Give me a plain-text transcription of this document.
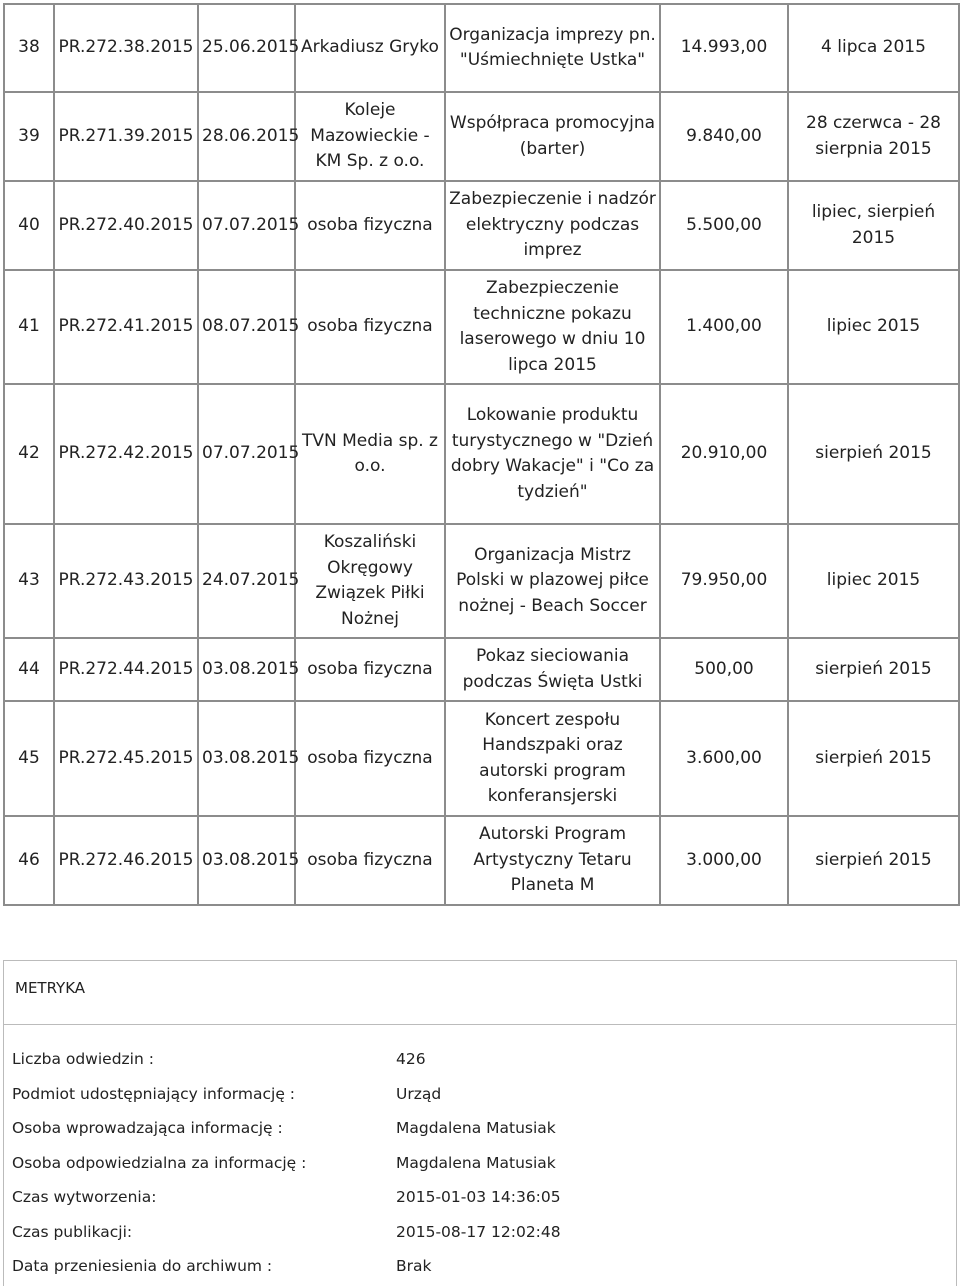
38	PR.272.38.2015	25.06.2015	Arkadiusz Gryko	Organizacja imprezy pn. "Uśmiechnięte Ustka"	14.993,00	4 lipca 2015
39	PR.271.39.2015	28.06.2015	Koleje Mazowieckie - KM Sp. z o.o.	Współpraca promocyjna (barter)	9.840,00	28 czerwca - 28 sierpnia 2015
40	PR.272.40.2015	07.07.2015	osoba fizyczna	Zabezpieczenie i nadzór elektryczny podczas imprez	5.500,00	lipiec, sierpień 2015
41	PR.272.41.2015	08.07.2015	osoba fizyczna	Zabezpieczenie techniczne pokazu laserowego w dniu 10 lipca 2015	1.400,00	lipiec 2015
42	PR.272.42.2015	07.07.2015	TVN Media sp. z o.o.	Lokowanie produktu turystycznego w "Dzień dobry Wakacje" i "Co za tydzień"	20.910,00	sierpień 2015
43	PR.272.43.2015	24.07.2015	Koszaliński Okręgowy Związek Piłki Nożnej	Organizacja Mistrz Polski w plazowej piłce nożnej - Beach Soccer	79.950,00	lipiec 2015
44	PR.272.44.2015	03.08.2015	osoba fizyczna	Pokaz sieciowania podczas Święta Ustki	500,00	sierpień 2015
45	PR.272.45.2015	03.08.2015	osoba fizyczna	Koncert zespołu Handszpaki oraz autorski program konferansjerski	3.600,00	sierpień 2015
46	PR.272.46.2015	03.08.2015	osoba fizyczna	Autorski Program Artystyczny Tetaru Planeta M	3.000,00	sierpień 2015
METRYKA
Liczba odwiedzin :	426
Podmiot udostępniający informację :	Urząd
Osoba wprowadzająca informację :	Magdalena Matusiak
Osoba odpowiedzialna za informację :	Magdalena Matusiak
Czas wytworzenia:	2015-01-03 14:36:05
Czas publikacji:	2015-08-17 12:02:48
Data przeniesienia do archiwum :	Brak
